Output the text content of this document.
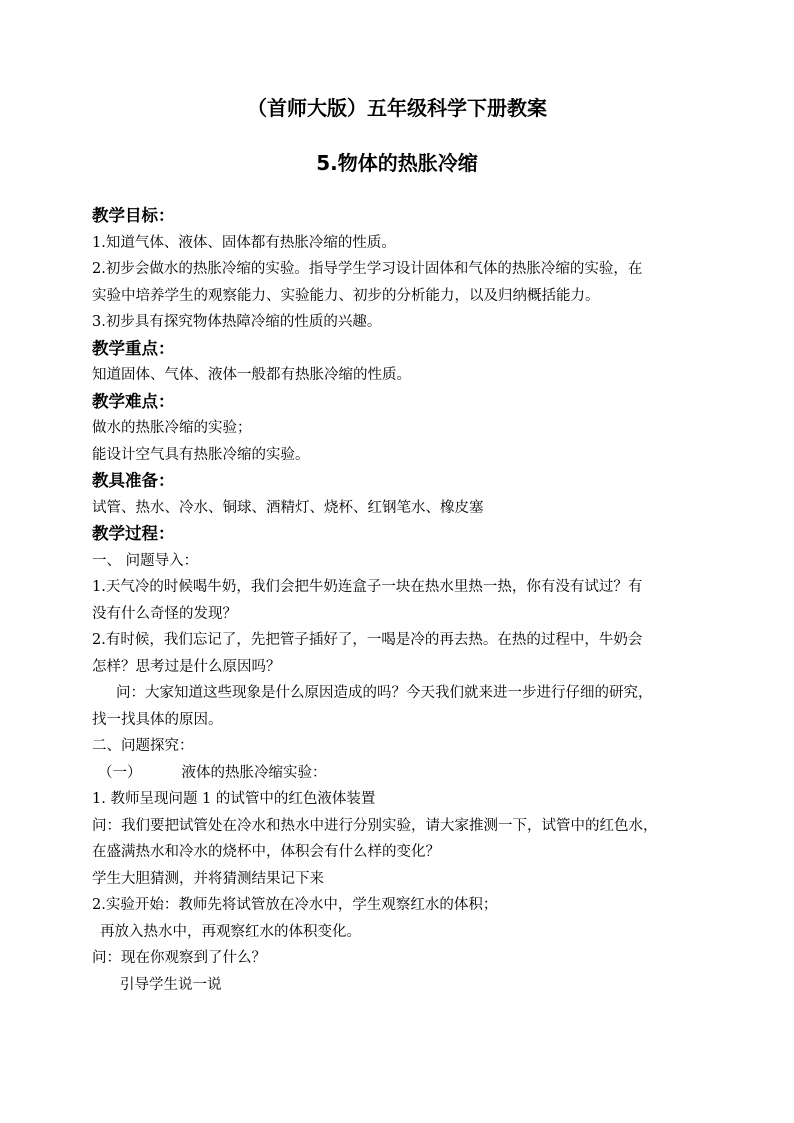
（首师大版）五年级科学下册教案
5.物体的热胀冷缩

教学目标：

1.知道气体、液体、固体都有热胀冷缩的性质。

2.初步会做水的热胀冷缩的实验。指导学生学习设计固体和气体的热胀冷缩的实验，在

实验中培养学生的观察能力、实验能力、初步的分析能力，以及归纳概括能力。

3.初步具有探究物体热障冷缩的性质的兴趣。

教学重点：

知道固体、气体、液体一般都有热胀冷缩的性质。

教学难点：

做水的热胀冷缩的实验；

能设计空气具有热胀冷缩的实验。

教具准备：

试管、热水、冷水、铜球、酒精灯、烧杯、红钢笔水、橡皮塞

教学过程：

一、 问题导入：

1.天气冷的时候喝牛奶，我们会把牛奶连盒子一块在热水里热一热，你有没有试过？有

没有什么奇怪的发现？

2.有时候，我们忘记了，先把管子插好了，一喝是冷的再去热。在热的过程中，牛奶会

怎样？思考过是什么原因吗？

问：大家知道这些现象是什么原因造成的吗？今天我们就来进一步进行仔细的研究，

找一找具体的原因。

二、问题探究：

（一）	液体的热胀冷缩实验：

1. 教师呈现问题 1 的试管中的红色液体装置

问：我们要把试管处在冷水和热水中进行分别实验，请大家推测一下，试管中的红色水，

在盛满热水和冷水的烧杯中，体积会有什么样的变化？

学生大胆猜测，并将猜测结果记下来

2.实验开始：教师先将试管放在冷水中，学生观察红水的体积；

再放入热水中，再观察红水的体积变化。

问：现在你观察到了什么？

引导学生说一说
